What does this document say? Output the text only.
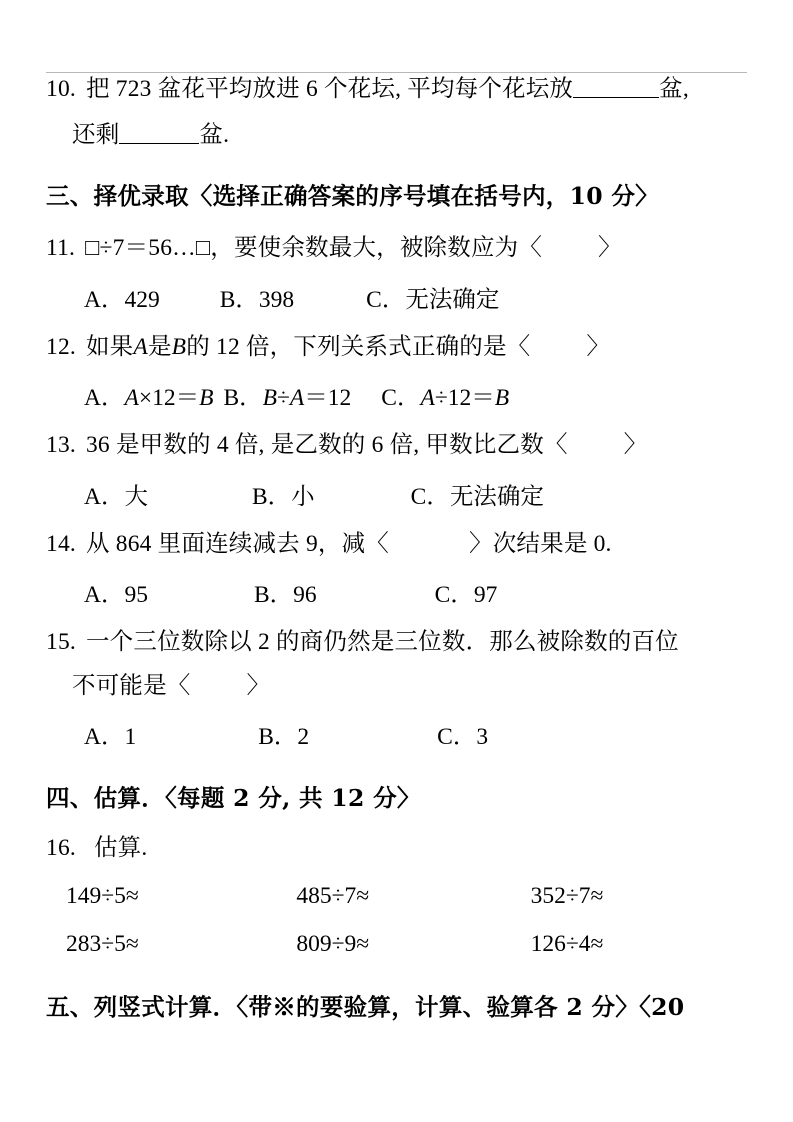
10. 把 723 盆花平均放进 6 个花坛, 平均每个花坛放	盆,
还剩	盆.
三、择优录取〈选择正确答案的序号填在括号内，10 分〉
11. □÷7＝56…□，要使余数最大，被除数应为〈 〉
A．429	B．398	C．无法确定
12. 如果A是B的 12 倍，下列关系式正确的是〈 〉
A．A×12＝B B．B÷A＝12 C．A÷12＝B
13. 36 是甲数的 4 倍, 是乙数的 6 倍, 甲数比乙数〈 〉
A．大	B．小	C．无法确定
14. 从 864 里面连续减去 9，减〈	〉次结果是 0.
A．95	B．96	C．97
15. 一个三位数除以 2 的商仍然是三位数．那么被除数的百位
不可能是〈 〉
A．1	B．2	C．3
四、估算．〈每题 2 分, 共 12 分〉
16. 估算.
149÷5≈	485÷7≈	352÷7≈
283÷5≈	809÷9≈	126÷4≈
五、列竖式计算．〈带※的要验算，计算、验算各 2 分〉〈20
